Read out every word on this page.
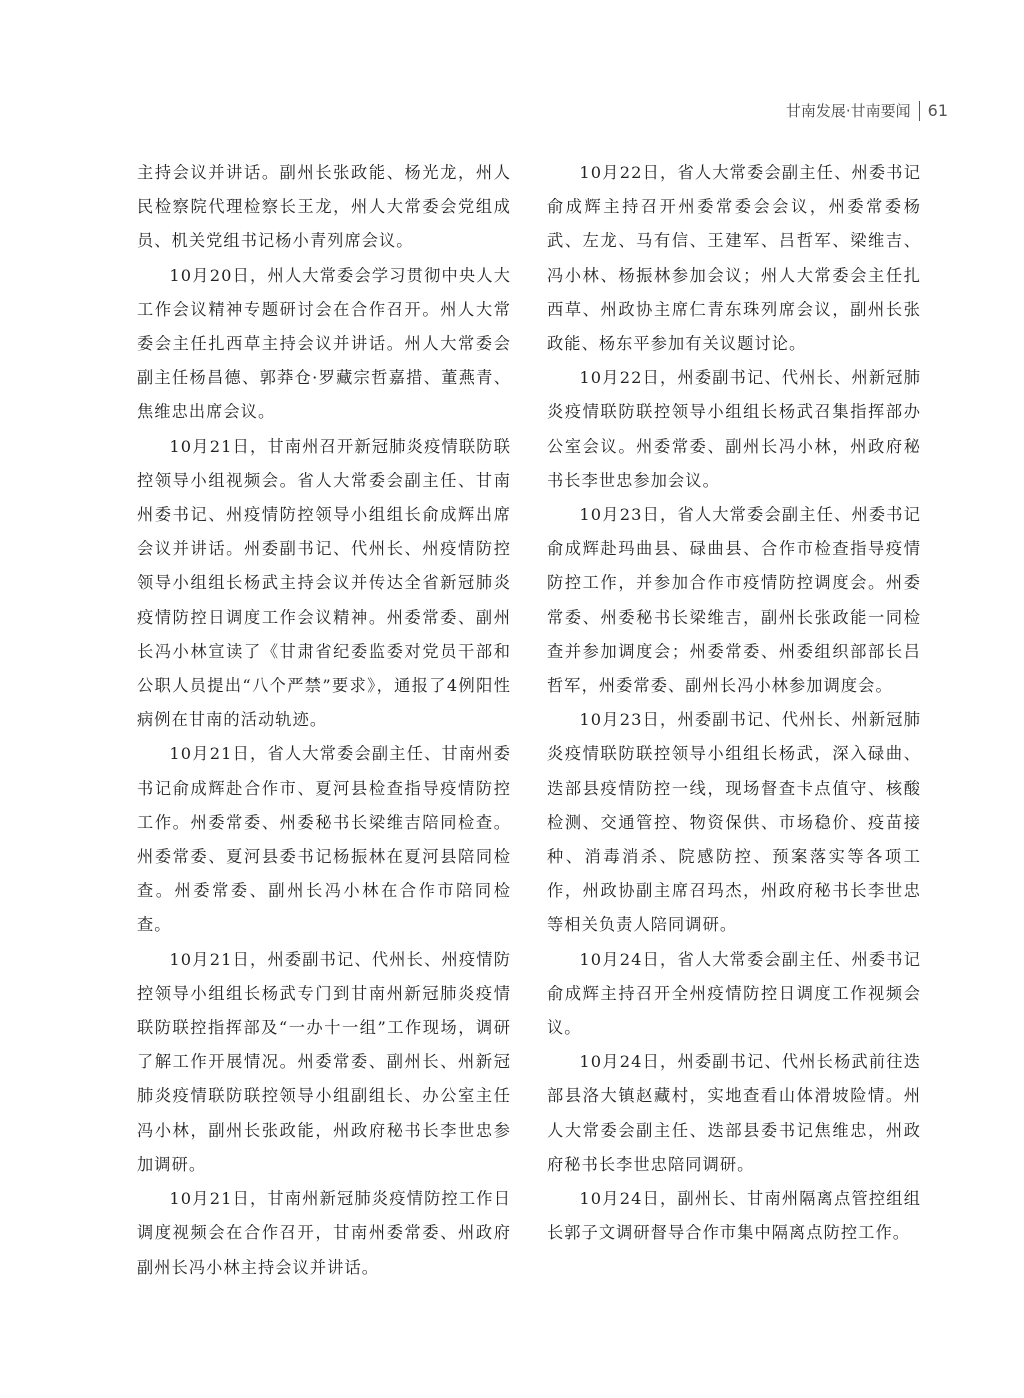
甘南发展·甘南要闻 61

主持会议并讲话。副州长张政能、杨光龙，州人民检察院代理检察长王龙，州人大常委会党组成员、机关党组书记杨小青列席会议。

10月20日，州人大常委会学习贯彻中央人大工作会议精神专题研讨会在合作召开。州人大常委会主任扎西草主持会议并讲话。州人大常委会副主任杨昌德、郭莽仓·罗藏宗哲嘉措、董燕青、焦维忠出席会议。

10月21日，甘南州召开新冠肺炎疫情联防联控领导小组视频会。省人大常委会副主任、甘南州委书记、州疫情防控领导小组组长俞成辉出席会议并讲话。州委副书记、代州长、州疫情防控领导小组组长杨武主持会议并传达全省新冠肺炎疫情防控日调度工作会议精神。州委常委、副州长冯小林宣读了《甘肃省纪委监委对党员干部和公职人员提出“八个严禁”要求》，通报了4例阳性病例在甘南的活动轨迹。

10月21日，省人大常委会副主任、甘南州委书记俞成辉赴合作市、夏河县检查指导疫情防控工作。州委常委、州委秘书长梁维吉陪同检查。州委常委、夏河县委书记杨振林在夏河县陪同检查。州委常委、副州长冯小林在合作市陪同检查。

10月21日，州委副书记、代州长、州疫情防控领导小组组长杨武专门到甘南州新冠肺炎疫情联防联控指挥部及“一办十一组”工作现场，调研了解工作开展情况。州委常委、副州长、州新冠肺炎疫情联防联控领导小组副组长、办公室主任冯小林，副州长张政能，州政府秘书长李世忠参加调研。

10月21日，甘南州新冠肺炎疫情防控工作日调度视频会在合作召开，甘南州委常委、州政府副州长冯小林主持会议并讲话。

10月22日，省人大常委会副主任、州委书记俞成辉主持召开州委常委会会议，州委常委杨武、左龙、马有信、王建军、吕哲军、梁维吉、冯小林、杨振林参加会议；州人大常委会主任扎西草、州政协主席仁青东珠列席会议，副州长张政能、杨东平参加有关议题讨论。

10月22日，州委副书记、代州长、州新冠肺炎疫情联防联控领导小组组长杨武召集指挥部办公室会议。州委常委、副州长冯小林，州政府秘书长李世忠参加会议。

10月23日，省人大常委会副主任、州委书记俞成辉赴玛曲县、碌曲县、合作市检查指导疫情防控工作，并参加合作市疫情防控调度会。州委常委、州委秘书长梁维吉，副州长张政能一同检查并参加调度会；州委常委、州委组织部部长吕哲军，州委常委、副州长冯小林参加调度会。

10月23日，州委副书记、代州长、州新冠肺炎疫情联防联控领导小组组长杨武，深入碌曲、迭部县疫情防控一线，现场督查卡点值守、核酸检测、交通管控、物资保供、市场稳价、疫苗接种、消毒消杀、院感防控、预案落实等各项工作，州政协副主席召玛杰，州政府秘书长李世忠等相关负责人陪同调研。

10月24日，省人大常委会副主任、州委书记俞成辉主持召开全州疫情防控日调度工作视频会议。

10月24日，州委副书记、代州长杨武前往迭部县洛大镇赵藏村，实地查看山体滑坡险情。州人大常委会副主任、迭部县委书记焦维忠，州政府秘书长李世忠陪同调研。

10月24日，副州长、甘南州隔离点管控组组长郭子文调研督导合作市集中隔离点防控工作。
